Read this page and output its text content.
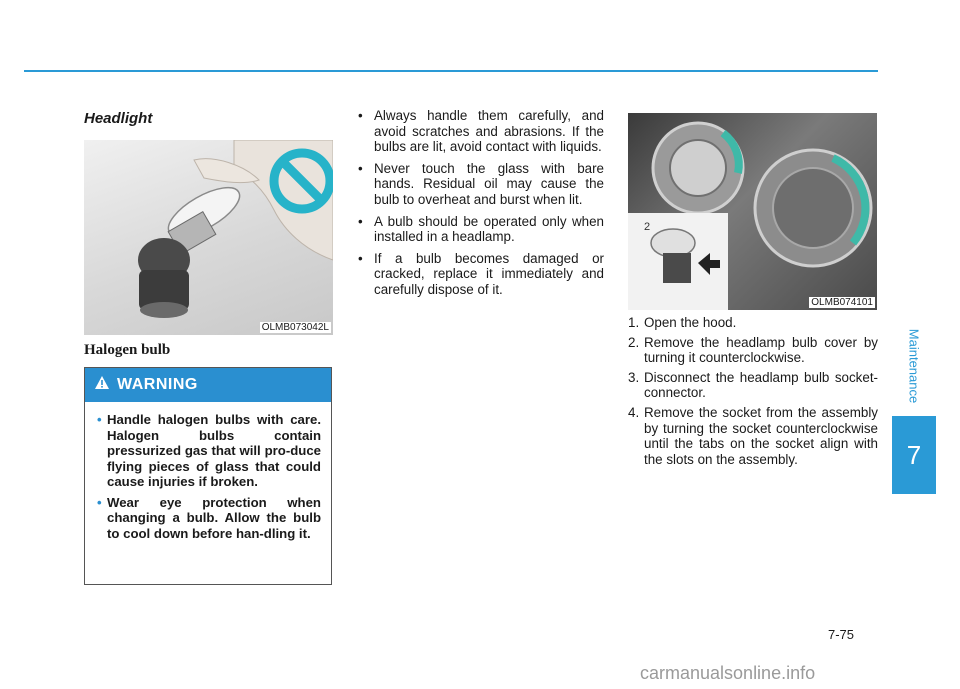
Headlight
OLMB073042L
Halogen bulb
WARNING
• Handle halogen bulbs with care. Halogen bulbs contain pressurized gas that will pro-duce flying pieces of glass that could cause injuries if broken.
• Wear eye protection when changing a bulb. Allow the bulb to cool down before han-dling it.
• Always handle them carefully, and avoid scratches and abrasions. If the bulbs are lit, avoid contact with liquids.
• Never touch the glass with bare hands. Residual oil may cause the bulb to overheat and burst when lit.
• A bulb should be operated only when installed in a headlamp.
• If a bulb becomes damaged or cracked, replace it immediately and carefully dispose of it.
2
OLMB074101
1. Open the hood.
2. Remove the headlamp bulb cover by turning it counterclockwise.
3. Disconnect the headlamp bulb socket-connector.
4. Remove the socket from the assembly by turning the socket counterclockwise until the tabs on the socket align with the slots on the assembly.
Maintenance
7
7-75
carmanualsonline.info
